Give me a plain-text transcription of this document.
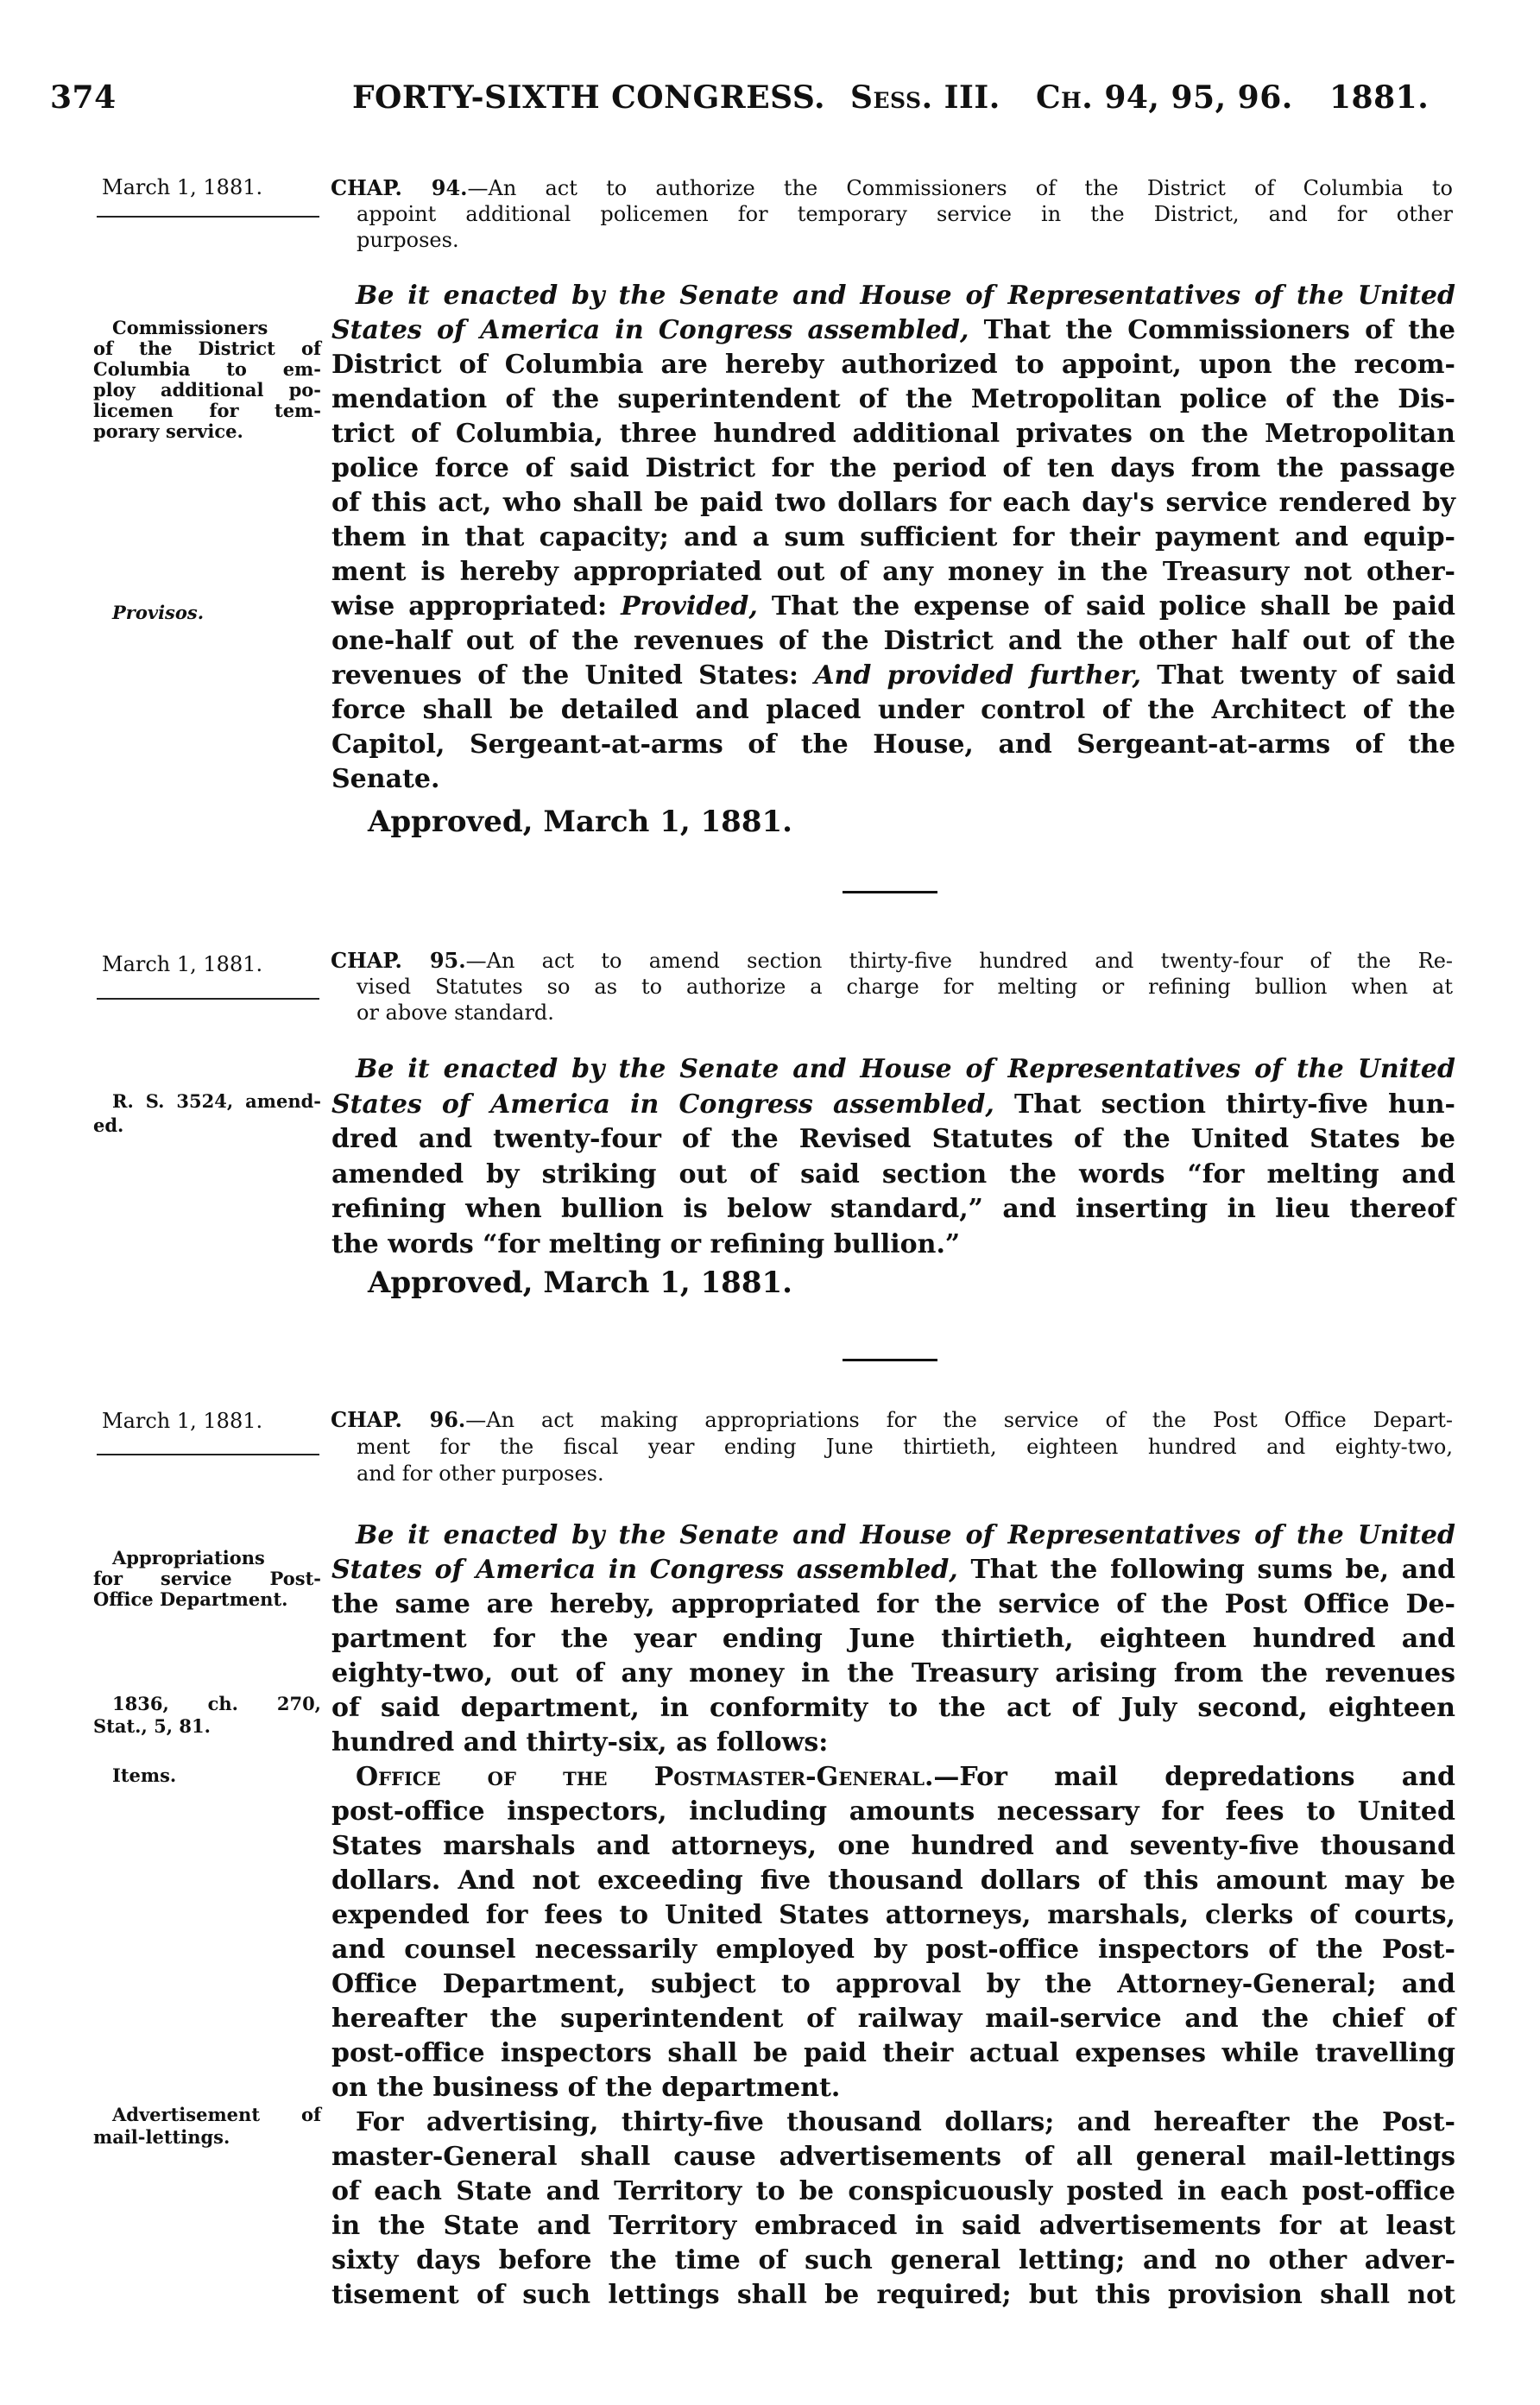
374	FORTY-SIXTH CONGRESS. Sess. III. Ch. 94, 95, 96. 1881.
March 1, 1881.	CHAP. 94.—An act to authorize the Commissioners of the District of Columbia to
appoint additional policemen for temporary service in the District, and for other
purposes.
Be it enacted by the Senate and House of Representatives of the United
States of America in Congress assembled, That the Commissioners of the
District of Columbia are hereby authorized to appoint, upon the recom-
mendation of the superintendent of the Metropolitan police of the Dis-
trict of Columbia, three hundred additional privates on the Metropolitan
police force of said District for the period of ten days from the passage
of this act, who shall be paid two dollars for each day's service rendered by
them in that capacity; and a sum sufficient for their payment and equip-
ment is hereby appropriated out of any money in the Treasury not other-
wise appropriated: Provided, That the expense of said police shall be paid
one-half out of the revenues of the District and the other half out of the
revenues of the United States: And provided further, That twenty of said
force shall be detailed and placed under control of the Architect of the
Capitol, Sergeant-at-arms of the House, and Sergeant-at-arms of the
Senate.
Commissioners
of the District of
Columbia to em-
ploy additional po-
licemen for tem-
porary service.
Provisos.
Approved, March 1, 1881.
March 1, 1881.	CHAP. 95.—An act to amend section thirty-five hundred and twenty-four of the Re-
vised Statutes so as to authorize a charge for melting or refining bullion when at
or above standard.
Be it enacted by the Senate and House of Representatives of the United
States of America in Congress assembled, That section thirty-five hun-
dred and twenty-four of the Revised Statutes of the United States be
amended by striking out of said section the words “for melting and
refining when bullion is below standard,” and inserting in lieu thereof
the words “for melting or refining bullion.”
R. S. 3524, amend-
ed.
Approved, March 1, 1881.
March 1, 1881.	CHAP. 96.—An act making appropriations for the service of the Post Office Depart-
ment for the fiscal year ending June thirtieth, eighteen hundred and eighty-two,
and for other purposes.
Be it enacted by the Senate and House of Representatives of the United
States of America in Congress assembled, That the following sums be, and
the same are hereby, appropriated for the service of the Post Office De-
partment for the year ending June thirtieth, eighteen hundred and
eighty-two, out of any money in the Treasury arising from the revenues
of said department, in conformity to the act of July second, eighteen
hundred and thirty-six, as follows:
Office of the Postmaster-General.—For mail depredations and
post-office inspectors, including amounts necessary for fees to United
States marshals and attorneys, one hundred and seventy-five thousand
dollars. And not exceeding five thousand dollars of this amount may be
expended for fees to United States attorneys, marshals, clerks of courts,
and counsel necessarily employed by post-office inspectors of the Post-
Office Department, subject to approval by the Attorney-General; and
hereafter the superintendent of railway mail-service and the chief of
post-office inspectors shall be paid their actual expenses while travelling
on the business of the department.
For advertising, thirty-five thousand dollars; and hereafter the Post-
master-General shall cause advertisements of all general mail-lettings
of each State and Territory to be conspicuously posted in each post-office
in the State and Territory embraced in said advertisements for at least
sixty days before the time of such general letting; and no other adver-
tisement of such lettings shall be required; but this provision shall not
Appropriations
for service Post-
Office Department.
1836, ch. 270,
Stat., 5, 81.
Items.
Advertisement of
mail-lettings.
